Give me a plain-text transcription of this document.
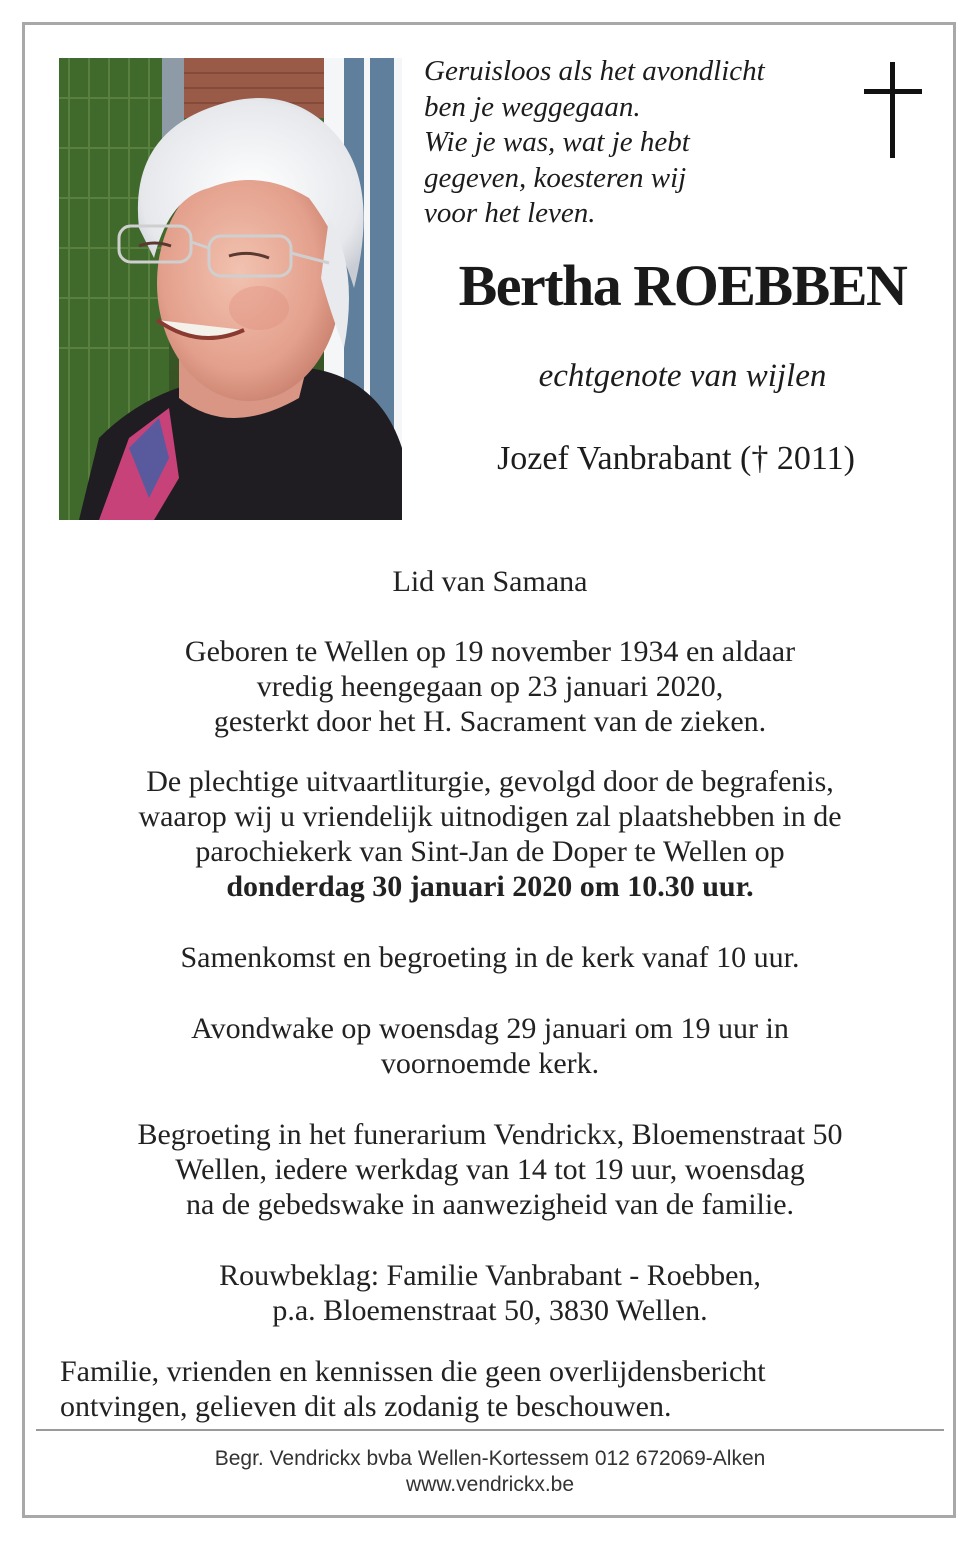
Geruisloos als het avondlicht
ben je weggegaan.
Wie je was, wat je hebt
gegeven, koesteren wij
voor het leven.
Bertha ROEBBEN
echtgenote van wijlen
Jozef Vanbrabant († 2011)
Lid van Samana
Geboren te Wellen op 19 november 1934 en aldaar
vredig heengegaan op 23 januari 2020,
gesterkt door het H. Sacrament van de zieken.
De plechtige uitvaartliturgie, gevolgd door de begrafenis,
waarop wij u vriendelijk uitnodigen zal plaatshebben in de
parochiekerk van Sint-Jan de Doper te Wellen op
donderdag 30 januari 2020 om 10.30 uur.
Samenkomst en begroeting in de kerk vanaf 10 uur.
Avondwake op woensdag 29 januari om 19 uur in
voornoemde kerk.
Begroeting in het funerarium Vendrickx, Bloemenstraat 50
Wellen, iedere werkdag van 14 tot 19 uur, woensdag
na de gebedswake in aanwezigheid van de familie.
Rouwbeklag: Familie Vanbrabant - Roebben,
p.a. Bloemenstraat 50, 3830 Wellen.
Familie, vrienden en kennissen die geen overlijdensbericht
ontvingen, gelieven dit als zodanig te beschouwen.
Begr. Vendrickx bvba Wellen-Kortessem 012 672069-Alken
www.vendrickx.be
